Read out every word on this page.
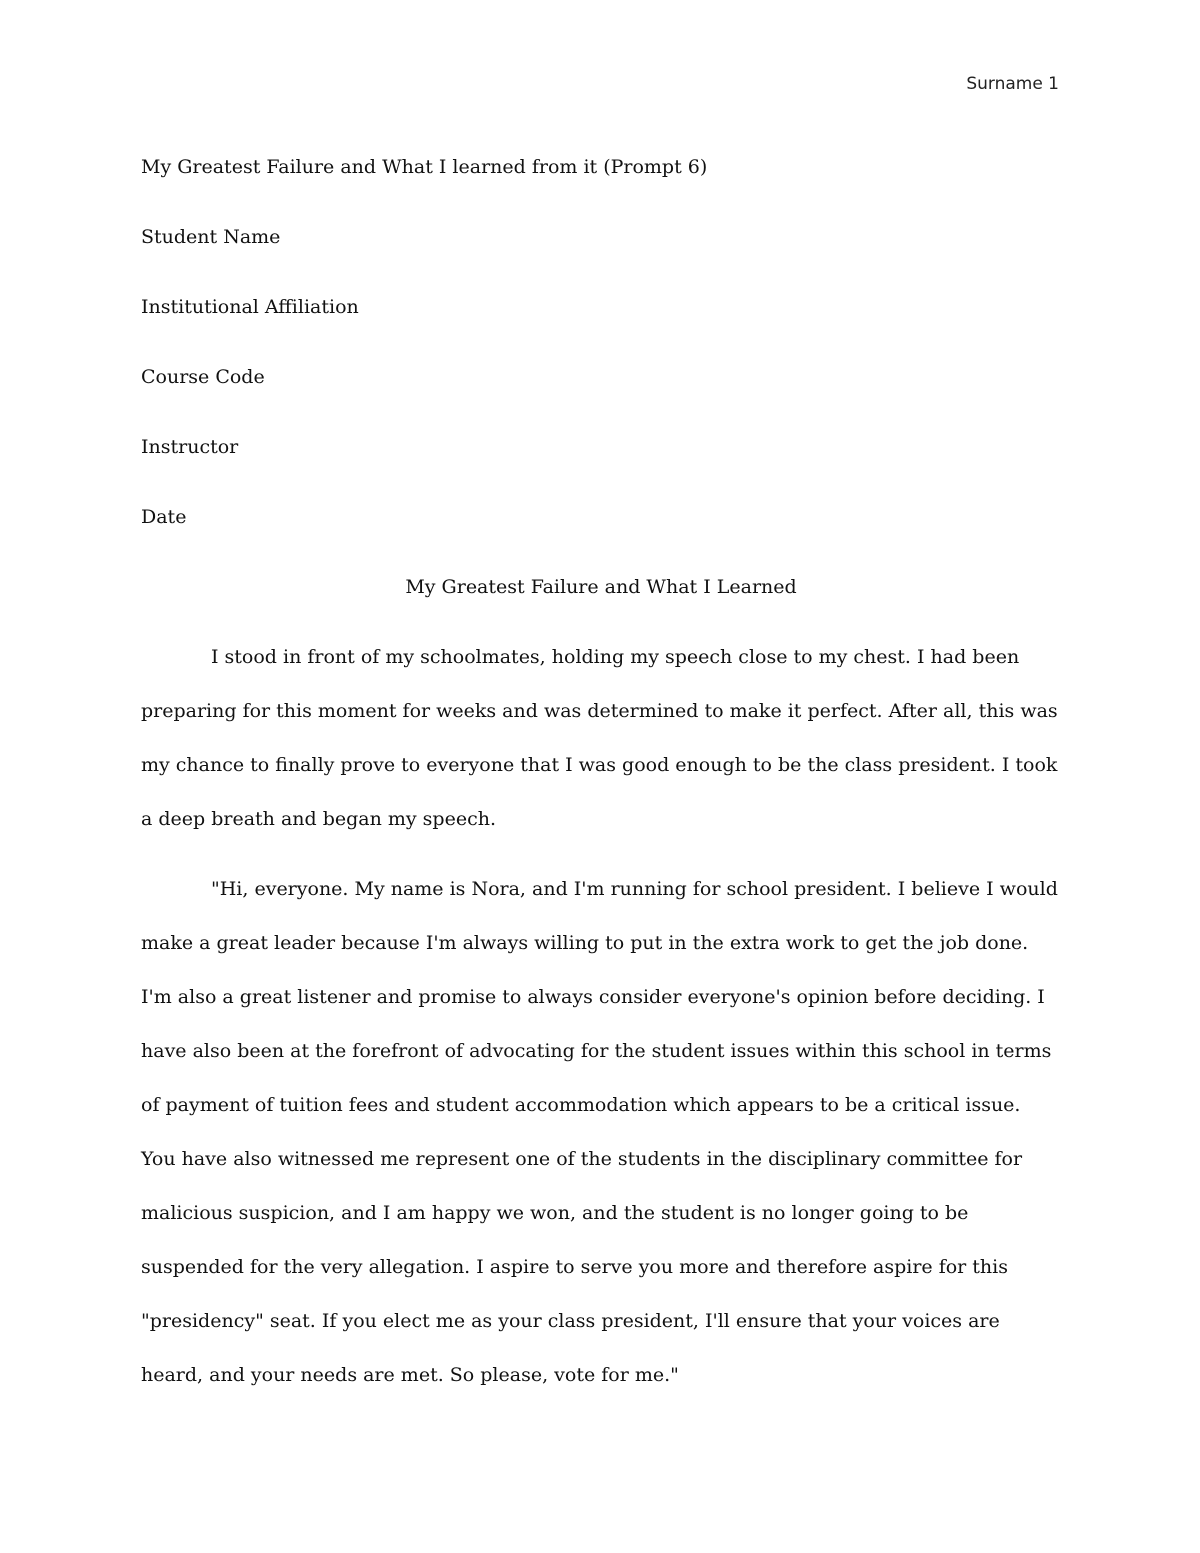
Surname 1

My Greatest Failure and What I learned from it (Prompt 6)

Student Name

Institutional Affiliation

Course Code

Instructor

Date

My Greatest Failure and What I Learned

I stood in front of my schoolmates, holding my speech close to my chest. I had been preparing for this moment for weeks and was determined to make it perfect. After all, this was my chance to finally prove to everyone that I was good enough to be the class president. I took a deep breath and began my speech.

"Hi, everyone. My name is Nora, and I'm running for school president. I believe I would make a great leader because I'm always willing to put in the extra work to get the job done. I'm also a great listener and promise to always consider everyone's opinion before deciding. I have also been at the forefront of advocating for the student issues within this school in terms of payment of tuition fees and student accommodation which appears to be a critical issue. You have also witnessed me represent one of the students in the disciplinary committee for malicious suspicion, and I am happy we won, and the student is no longer going to be suspended for the very allegation. I aspire to serve you more and therefore aspire for this "presidency" seat. If you elect me as your class president, I'll ensure that your voices are heard, and your needs are met. So please, vote for me."
